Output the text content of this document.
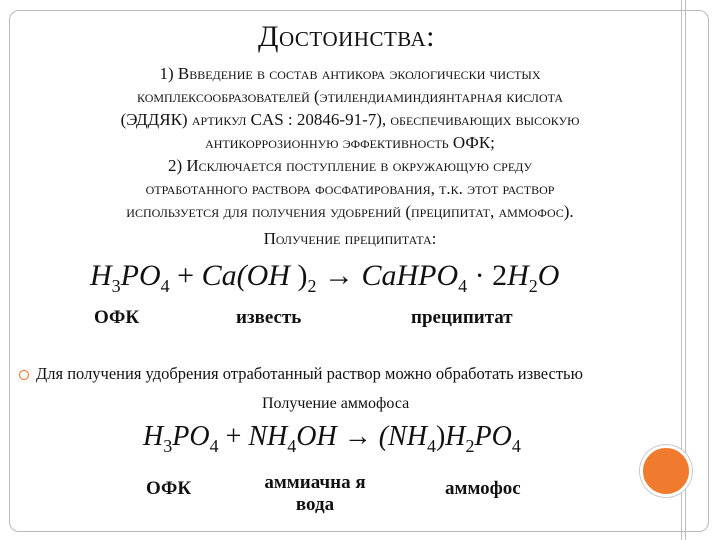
Достоинства:

1) Ввведение в состав антикора экологически чистых

комплексообразователей (этилендиаминдиянтарная кислота

(ЭДДЯК) артикул CAS : 20846-91-7), обеспечивающих высокую

антикоррозионную эффективность ОФК;

2) Исключается поступление в окружающую среду

отработанного раствора фосфатирования, т.к. этот раствор

используется для получения удобрений (преципитат, аммофос).

Получение преципитата:

$H_3PO_4 + Ca(OH$ )$_2$ → CaHPO$_4$ · $2H_2O$
ОФК	известь	преципитат
Для получения удобрения отработанный раствор можно обработать известью
Получение аммофоса
$H_3PO_4 + NH_4OH \to (NH_4)H_2PO_4$
ОФК	аммиачна я вода
аммофос
